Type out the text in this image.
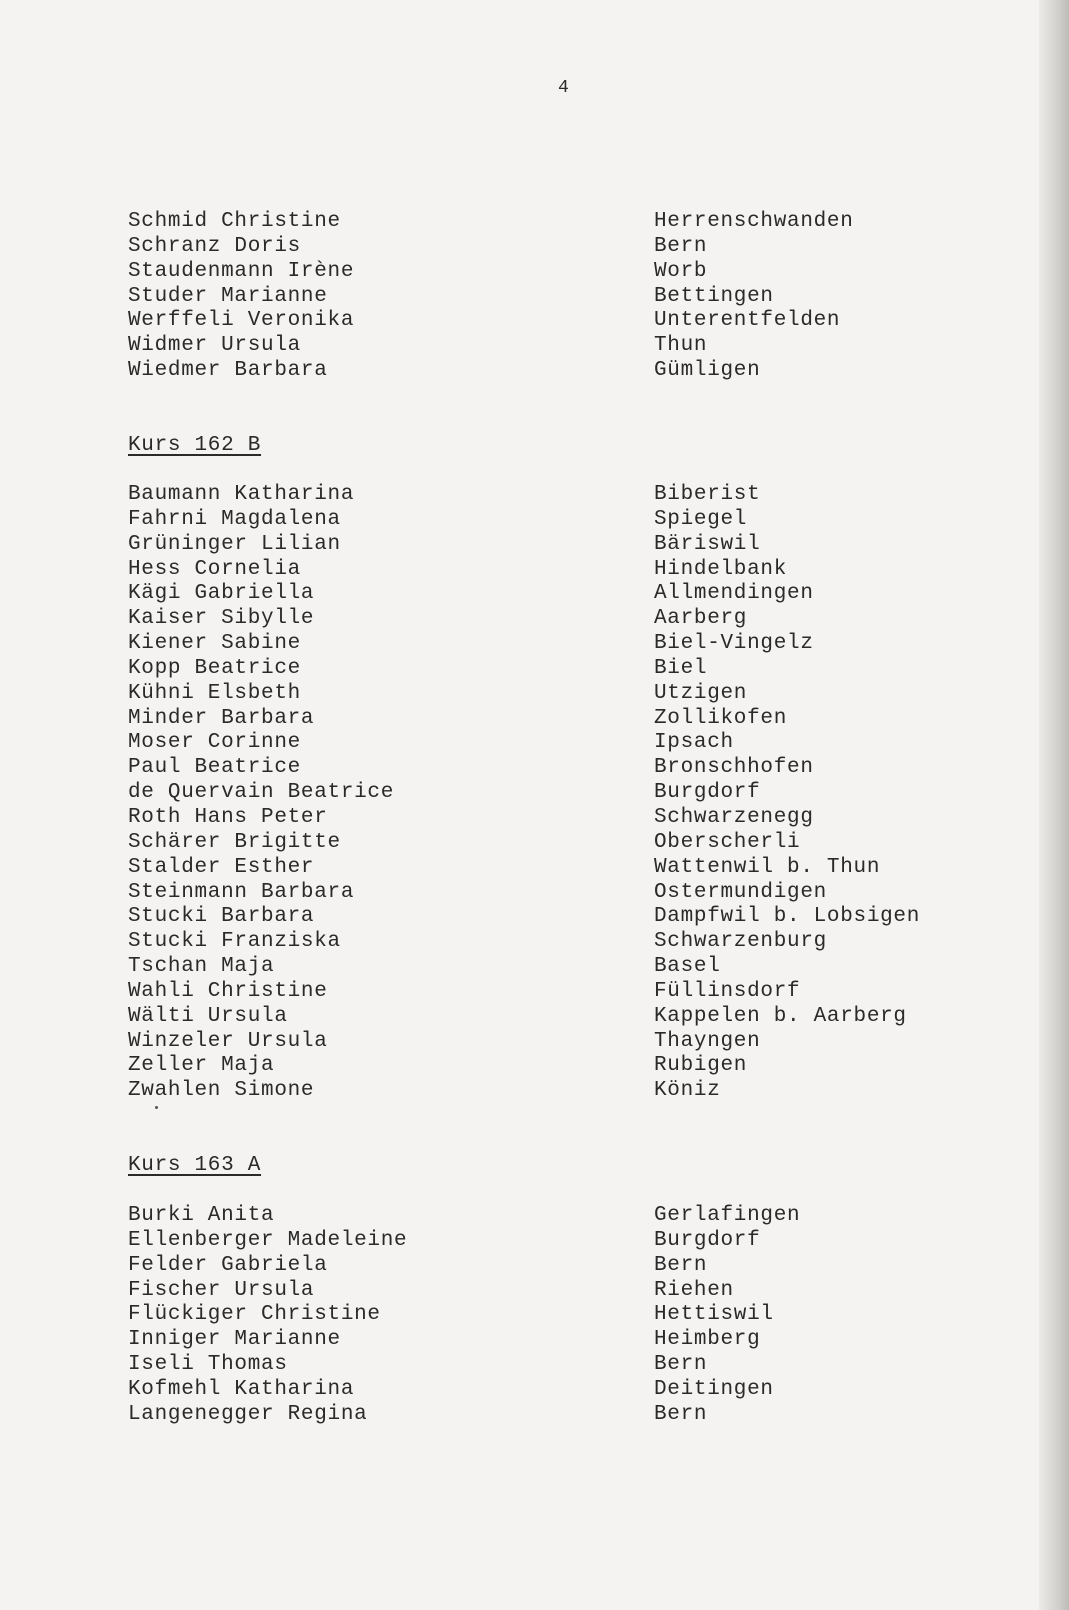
4
Schmid Christine	Herrenschwanden
Schranz Doris	Bern
Staudenmann Irène	Worb
Studer Marianne	Bettingen
Werffeli Veronika	Unterentfelden
Widmer Ursula	Thun
Wiedmer Barbara	Gümligen
Kurs 162 B
Baumann Katharina	Biberist
Fahrni Magdalena	Spiegel
Grüninger Lilian	Bäriswil
Hess Cornelia	Hindelbank
Kägi Gabriella	Allmendingen
Kaiser Sibylle	Aarberg
Kiener Sabine	Biel-Vingelz
Kopp Beatrice	Biel
Kühni Elsbeth	Utzigen
Minder Barbara	Zollikofen
Moser Corinne	Ipsach
Paul Beatrice	Bronschhofen
de Quervain Beatrice	Burgdorf
Roth Hans Peter	Schwarzenegg
Schärer Brigitte	Oberscherli
Stalder Esther	Wattenwil b. Thun
Steinmann Barbara	Ostermundigen
Stucki Barbara	Dampfwil b. Lobsigen
Stucki Franziska	Schwarzenburg
Tschan Maja	Basel
Wahli Christine	Füllinsdorf
Wälti Ursula	Kappelen b. Aarberg
Winzeler Ursula	Thayngen
Zeller Maja	Rubigen
Zwahlen Simone	Köniz
Kurs 163 A
Burki Anita	Gerlafingen
Ellenberger Madeleine	Burgdorf
Felder Gabriela	Bern
Fischer Ursula	Riehen
Flückiger Christine	Hettiswil
Inniger Marianne	Heimberg
Iseli Thomas	Bern
Kofmehl Katharina	Deitingen
Langenegger Regina	Bern
